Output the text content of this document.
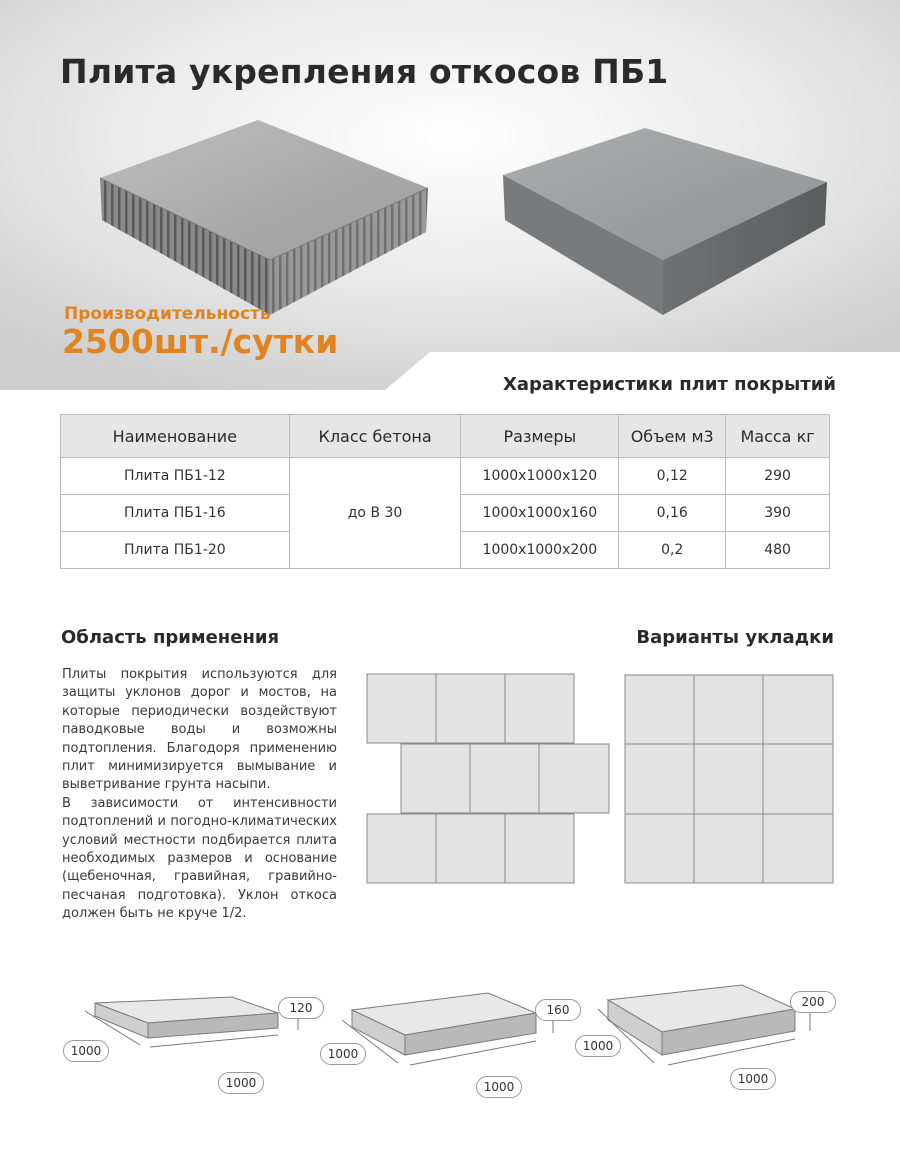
Плита укрепления откосов ПБ1
Производительность
2500шт./сутки
Характеристики плит покрытий
Наименование	Класс бетона	Размеры	Объем м3	Масса кг
Плита ПБ1-12	до В 30	1000x1000x120	0,12	290
Плита ПБ1-16		1000x1000x160	0,16	390
Плита ПБ1-20		1000x1000x200	0,2	480
Область применения

Плиты покрытия используются для защиты уклонов дорог и мостов, на которые периодически воздействуют паводковые воды и возможны подтопления. Благодоря применению плит минимизируется вымывание и выветривание грунта насыпи.

В зависимости от интенсивности подтоплений и погодно-климатических условий местности подбирается плита необходимых размеров и основание (щебеночная, гравийная, гравийно-песчаная подготовка). Уклон откоса должен быть не круче 1/2.

Варианты укладки
1000
1000
120
1000
1000
160
1000
1000
200
